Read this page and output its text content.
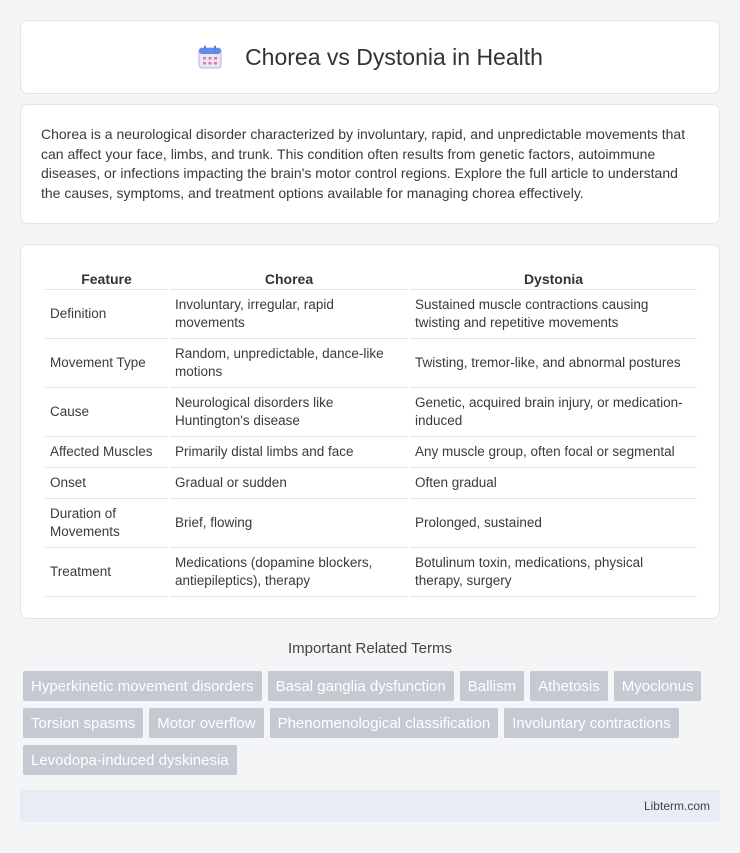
Chorea vs Dystonia in Health

Chorea is a neurological disorder characterized by involuntary, rapid, and unpredictable movements that can affect your face, limbs, and trunk. This condition often results from genetic factors, autoimmune diseases, or infections impacting the brain's motor control regions. Explore the full article to understand the causes, symptoms, and treatment options available for managing chorea effectively.

Feature	Chorea	Dystonia
Definition	Involuntary, irregular, rapid movements	Sustained muscle contractions causing twisting and repetitive movements
Movement Type	Random, unpredictable, dance-like motions	Twisting, tremor-like, and abnormal postures
Cause	Neurological disorders like Huntington's disease	Genetic, acquired brain injury, or medication-induced
Affected Muscles	Primarily distal limbs and face	Any muscle group, often focal or segmental
Onset	Gradual or sudden	Often gradual
Duration of Movements	Brief, flowing	Prolonged, sustained
Treatment	Medications (dopamine blockers, antiepileptics), therapy	Botulinum toxin, medications, physical therapy, surgery
Important Related Terms
Hyperkinetic movement disorders	Basal ganglia dysfunction	Ballism	Athetosis	Myoclonus
Torsion spasms	Motor overflow	Phenomenological classification	Involuntary contractions
Levodopa-induced dyskinesia
Libterm.com
